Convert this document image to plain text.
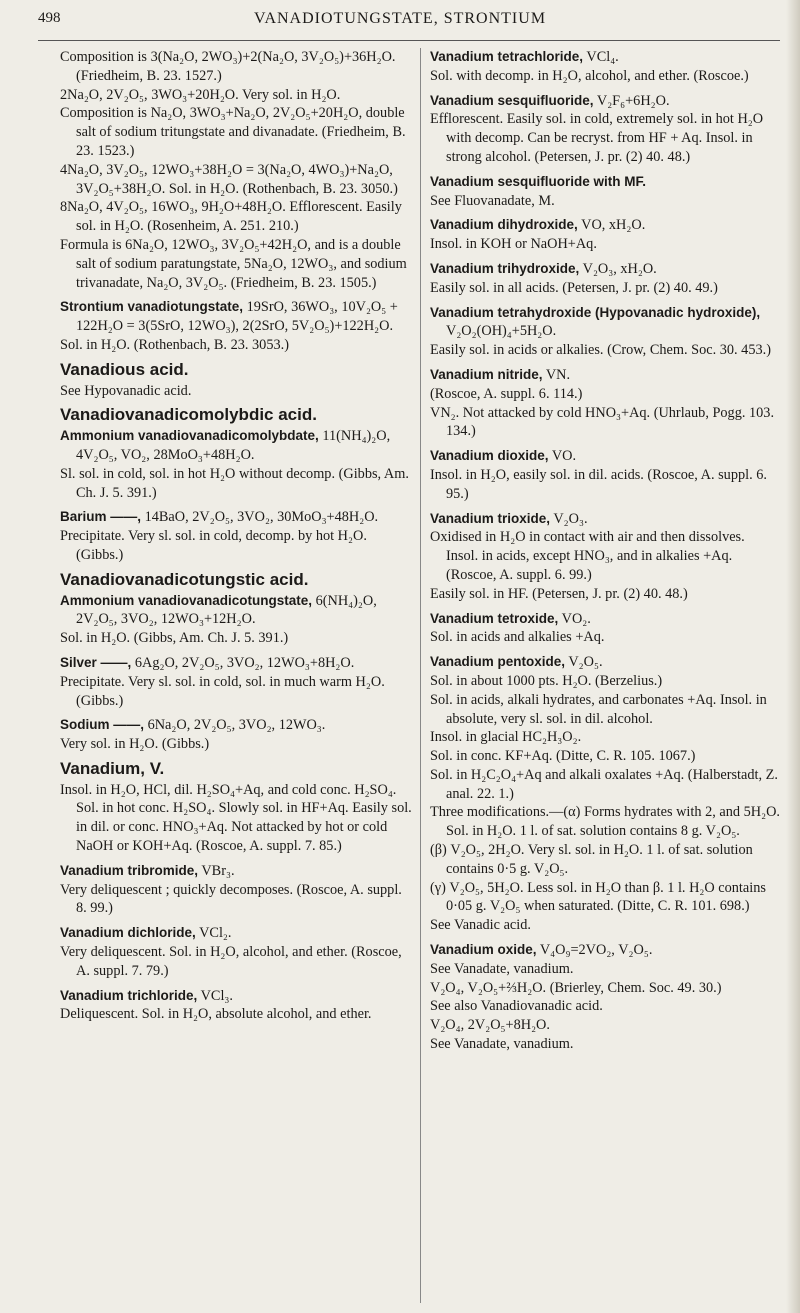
498	VANADIOTUNGSTATE, STRONTIUM

Composition is 3(Na₂O, 2WO₃)+2(Na₂O, 3V₂O₅)+36H₂O. (Friedheim, B. 23. 1527.)

2Na₂O, 2V₂O₅, 3WO₃+20H₂O. Very sol. in H₂O.

Composition is Na₂O, 3WO₃+Na₂O, 2V₂O₅+20H₂O, double salt of sodium tritungstate and divanadate. (Friedheim, B. 23. 1523.)

4Na₂O, 3V₂O₅, 12WO₃+38H₂O = 3(Na₂O, 4WO₃)+Na₂O, 3V₂O₅+38H₂O. Sol. in H₂O. (Rothenbach, B. 23. 3050.)

8Na₂O, 4V₂O₅, 16WO₃, 9H₂O+48H₂O. Efflorescent. Easily sol. in H₂O. (Rosenheim, A. 251. 210.)

Formula is 6Na₂O, 12WO₃, 3V₂O₅+42H₂O, and is a double salt of sodium paratungstate, 5Na₂O, 12WO₃, and sodium trivanadate, Na₂O, 3V₂O₅. (Friedheim, B. 23. 1505.)

Strontium vanadiotungstate, 19SrO, 36WO₃, 10V₂O₅ + 122H₂O = 3(5SrO, 12WO₃), 2(2SrO, 5V₂O₅)+122H₂O.

Sol. in H₂O. (Rothenbach, B. 23. 3053.)

Vanadious acid.

See Hypovanadic acid.

Vanadiovanadicomolybdic acid.

Ammonium vanadiovanadicomolybdate, 11(NH₄)₂O, 4V₂O₅, VO₂, 28MoO₃+48H₂O.

Sl. sol. in cold, sol. in hot H₂O without decomp. (Gibbs, Am. Ch. J. 5. 391.)

Barium ——, 14BaO, 2V₂O₅, 3VO₂, 30MoO₃+48H₂O.

Precipitate. Very sl. sol. in cold, decomp. by hot H₂O. (Gibbs.)

Vanadiovanadicotungstic acid.

Ammonium vanadiovanadicotungstate, 6(NH₄)₂O, 2V₂O₅, 3VO₂, 12WO₃+12H₂O.

Sol. in H₂O. (Gibbs, Am. Ch. J. 5. 391.)

Silver ——, 6Ag₂O, 2V₂O₅, 3VO₂, 12WO₃+8H₂O.

Precipitate. Very sl. sol. in cold, sol. in much warm H₂O. (Gibbs.)

Sodium ——, 6Na₂O, 2V₂O₅, 3VO₂, 12WO₃.

Very sol. in H₂O. (Gibbs.)

Vanadium, V.

Insol. in H₂O, HCl, dil. H₂SO₄+Aq, and cold conc. H₂SO₄. Sol. in hot conc. H₂SO₄. Slowly sol. in HF+Aq. Easily sol. in dil. or conc. HNO₃+Aq. Not attacked by hot or cold NaOH or KOH+Aq. (Roscoe, A. suppl. 7. 85.)

Vanadium tribromide, VBr₃.

Very deliquescent ; quickly decomposes. (Roscoe, A. suppl. 8. 99.)

Vanadium dichloride, VCl₂.

Very deliquescent. Sol. in H₂O, alcohol, and ether. (Roscoe, A. suppl. 7. 79.)

Vanadium trichloride, VCl₃.

Deliquescent. Sol. in H₂O, absolute alcohol, and ether.

Vanadium tetrachloride, VCl₄.

Sol. with decomp. in H₂O, alcohol, and ether. (Roscoe.)

Vanadium sesquifluoride, V₂F₆+6H₂O.

Efflorescent. Easily sol. in cold, extremely sol. in hot H₂O with decomp. Can be recryst. from HF + Aq. Insol. in strong alcohol. (Petersen, J. pr. (2) 40. 48.)

Vanadium sesquifluoride with MF.

See Fluovanadate, M.

Vanadium dihydroxide, VO, xH₂O.

Insol. in KOH or NaOH+Aq.

Vanadium trihydroxide, V₂O₃, xH₂O.

Easily sol. in all acids. (Petersen, J. pr. (2) 40. 49.)

Vanadium tetrahydroxide (Hypovanadic hydroxide), V₂O₂(OH)₄+5H₂O.

Easily sol. in acids or alkalies. (Crow, Chem. Soc. 30. 453.)

Vanadium nitride, VN.

(Roscoe, A. suppl. 6. 114.)

VN₂. Not attacked by cold HNO₃+Aq. (Uhrlaub, Pogg. 103. 134.)

Vanadium dioxide, VO.

Insol. in H₂O, easily sol. in dil. acids. (Roscoe, A. suppl. 6. 95.)

Vanadium trioxide, V₂O₃.

Oxidised in H₂O in contact with air and then dissolves. Insol. in acids, except HNO₃, and in alkalies +Aq. (Roscoe, A. suppl. 6. 99.)

Easily sol. in HF. (Petersen, J. pr. (2) 40. 48.)

Vanadium tetroxide, VO₂.

Sol. in acids and alkalies +Aq.

Vanadium pentoxide, V₂O₅.

Sol. in about 1000 pts. H₂O. (Berzelius.)

Sol. in acids, alkali hydrates, and carbonates +Aq. Insol. in absolute, very sl. sol. in dil. alcohol.

Insol. in glacial HC₂H₃O₂.

Sol. in conc. KF+Aq. (Ditte, C. R. 105. 1067.)

Sol. in H₂C₂O₄+Aq and alkali oxalates +Aq. (Halberstadt, Z. anal. 22. 1.)

Three modifications.—(α) Forms hydrates with 2, and 5H₂O. Sol. in H₂O. 1 l. of sat. solution contains 8 g. V₂O₅.

(β) V₂O₅, 2H₂O. Very sl. sol. in H₂O. 1 l. of sat. solution contains 0·5 g. V₂O₅.

(γ) V₂O₅, 5H₂O. Less sol. in H₂O than β. 1 l. H₂O contains 0·05 g. V₂O₅ when saturated. (Ditte, C. R. 101. 698.)

See Vanadic acid.

Vanadium oxide, V₄O₉=2VO₂, V₂O₅.

See Vanadate, vanadium.

V₂O₄, V₂O₅+⅔H₂O. (Brierley, Chem. Soc. 49. 30.)

See also Vanadiovanadic acid.

V₂O₄, 2V₂O₅+8H₂O.

See Vanadate, vanadium.
